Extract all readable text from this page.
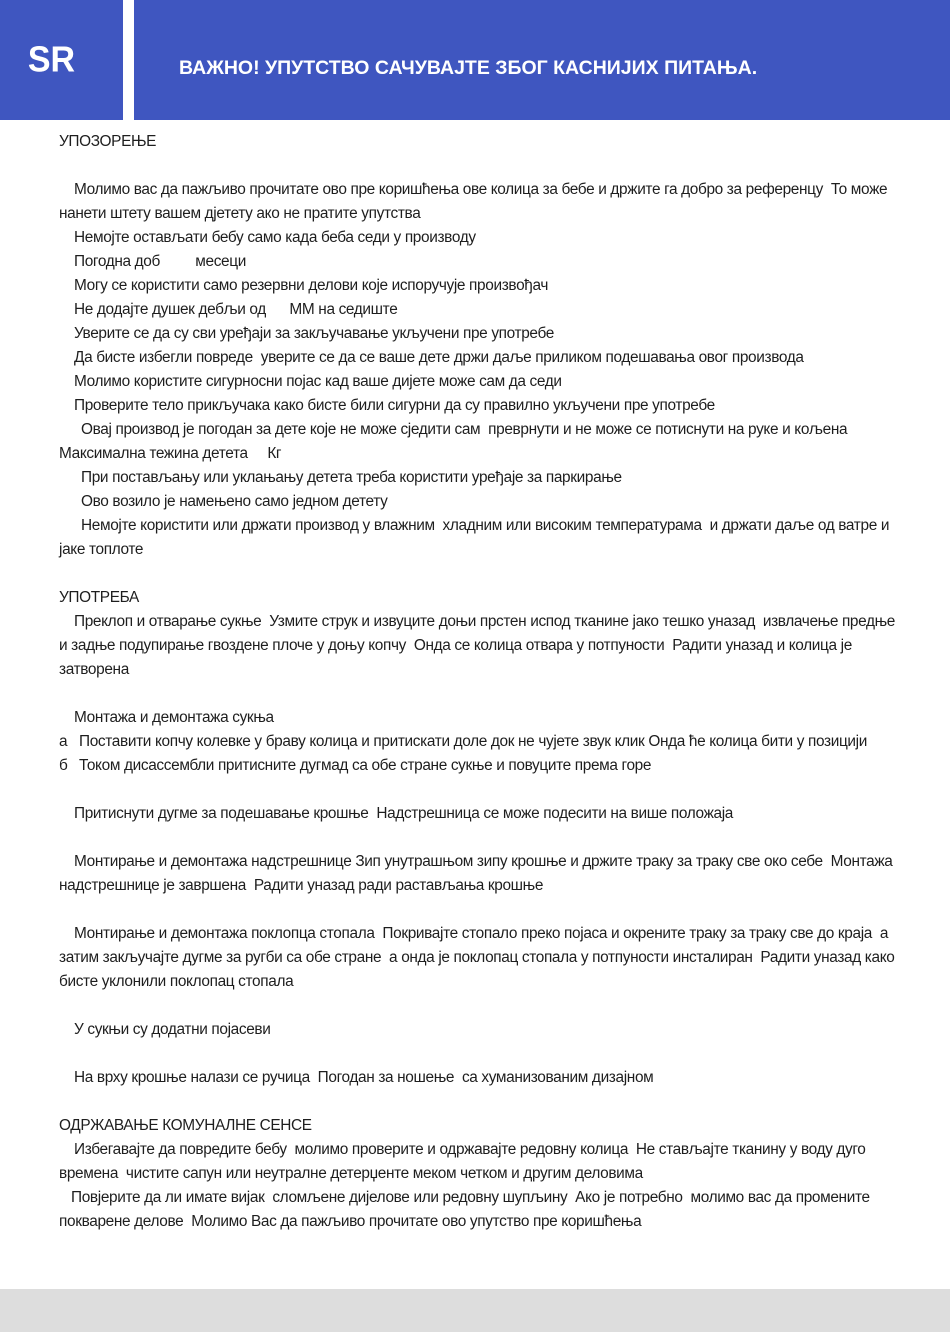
SR	ВАЖНО! УПУТСТВО САЧУВАЈТЕ ЗБОГ КАСНИЈИХ ПИТАЊА.

УПОЗОРЕЊЕ

Молимо вас да пажљиво прочитате ово пре коришћења ове колица за бебе и држите га добро за референцу  То може нанети штету вашем дјетету ако не пратите упутства

Немојте остављати бебу само када беба седи у производу

Погодна доб         месеци

Могу се користити само резервни делови које испоручује произвођач

Не додајте душек дебљи од      ММ на седиште

Уверите се да су сви уређаји за закључавање укључени пре употребе

Да бисте избегли повреде  уверите се да се ваше дете држи даље приликом подешавања овог производа

Молимо користите сигурносни појас кад ваше дијете може сам да седи

Проверите тело прикључака како бисте били сигурни да су правилно укључени пре употребе

Овај производ је погодан за дете које не може сједити сам  преврнути и не може се потиснути на руке и кољена

Максимална тежина детета     Кг

При постављању или уклањању детета треба користити уређаје за паркирање

Ово возило је намењено само једном детету

Немојте користити или држати производ у влажним  хладним или високим температурама  и држати даље од ватре и јаке топлоте

УПОТРЕБА

Преклоп и отварање сукње  Узмите струк и извуците доњи прстен испод тканине јако тешко уназад  извлачење предње и задње подупирање гвоздене плоче у доњу копчу  Онда се колица отвара у потпуности  Радити уназад и колица је затворена

Монтажа и демонтажа сукња

а Поставити копчу колевке у браву колица и притискати доле док не чујете звук клик Онда ће колица бити у позицији
б Током дисассембли притисните дугмад са обе стране сукње и повуците према горе

Притиснути дугме за подешавање крошње  Надстрешница се може подесити на више положаја

Монтирање и демонтажа надстрешнице Зип унутрашњом зипу крошње и држите траку за траку све око себе  Монтажа надстрешнице је завршена  Радити уназад ради растављања крошње

Монтирање и демонтажа поклопца стопала  Покривајте стопало преко појаса и окрените траку за траку све до краја  а затим закључајте дугме за ругби са обе стране  а онда је поклопац стопала у потпуности инсталиран  Радити уназад како бисте уклонили поклопац стопала

У сукњи су додатни појасеви

На врху крошње налази се ручица  Погодан за ношење  са хуманизованим дизајном

ОДРЖАВАЊЕ КОМУНАЛНЕ СЕНСЕ

Избегавајте да повредите бебу  молимо проверите и одржавајте редовну колица  Не стављајте тканину у воду дуго времена  чистите сапун или неутралне детерџенте меком четком и другим деловима

Повјерите да ли имате вијак  сломљене дијелове или редовну шупљину  Ако је потребно  молимо вас да промените покварене делове  Молимо Вас да пажљиво прочитате ово упутство пре коришћења
